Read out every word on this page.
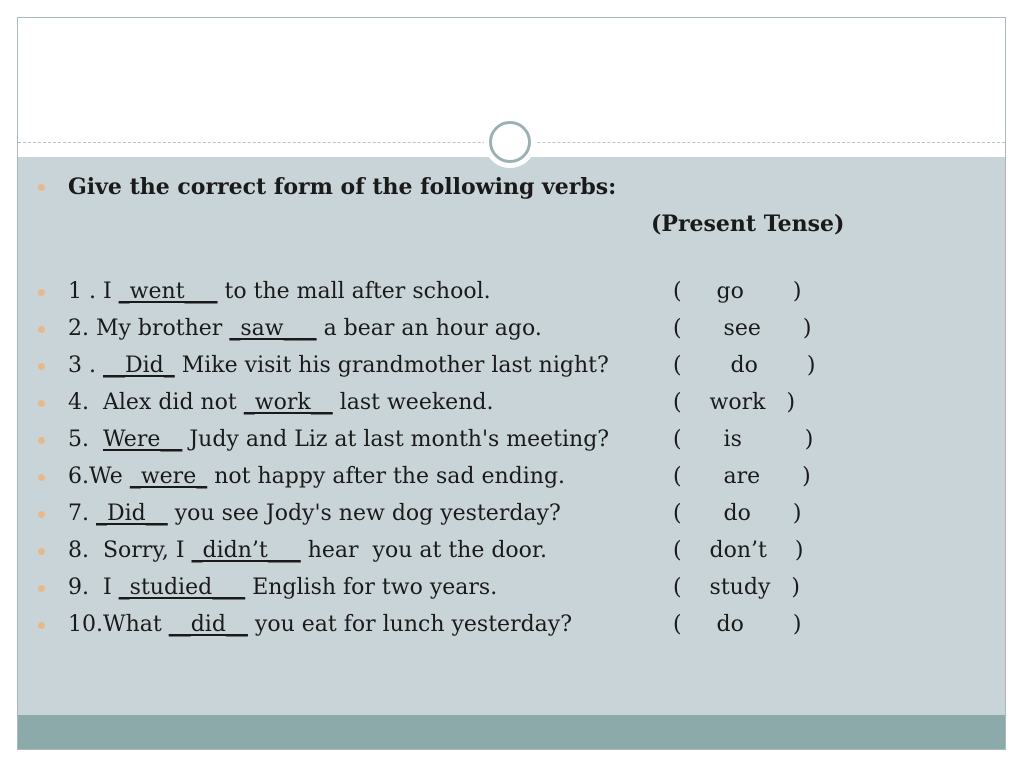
Give the correct form of the following verbs:
(Present Tense)
1 . I _went___ to the mall after school.	(     go       )
2. My brother _saw___ a bear an hour ago.	(      see      )
3 . __Did_ Mike visit his grandmother last night?	(       do       )
4.  Alex did not _work__ last weekend.	(    work   )
5.  Were__ Judy and Liz at last month's meeting?	(      is         )
6.We _were_ not happy after the sad ending.	(      are      )
7. _Did__ you see Jody's new dog yesterday?	(      do      )
8.  Sorry, I _didn’t___ hear  you at the door.	(    don’t    )
9.  I _studied___ English for two years.	(    study   )
10.What __did__ you eat for lunch yesterday?	(     do       )
